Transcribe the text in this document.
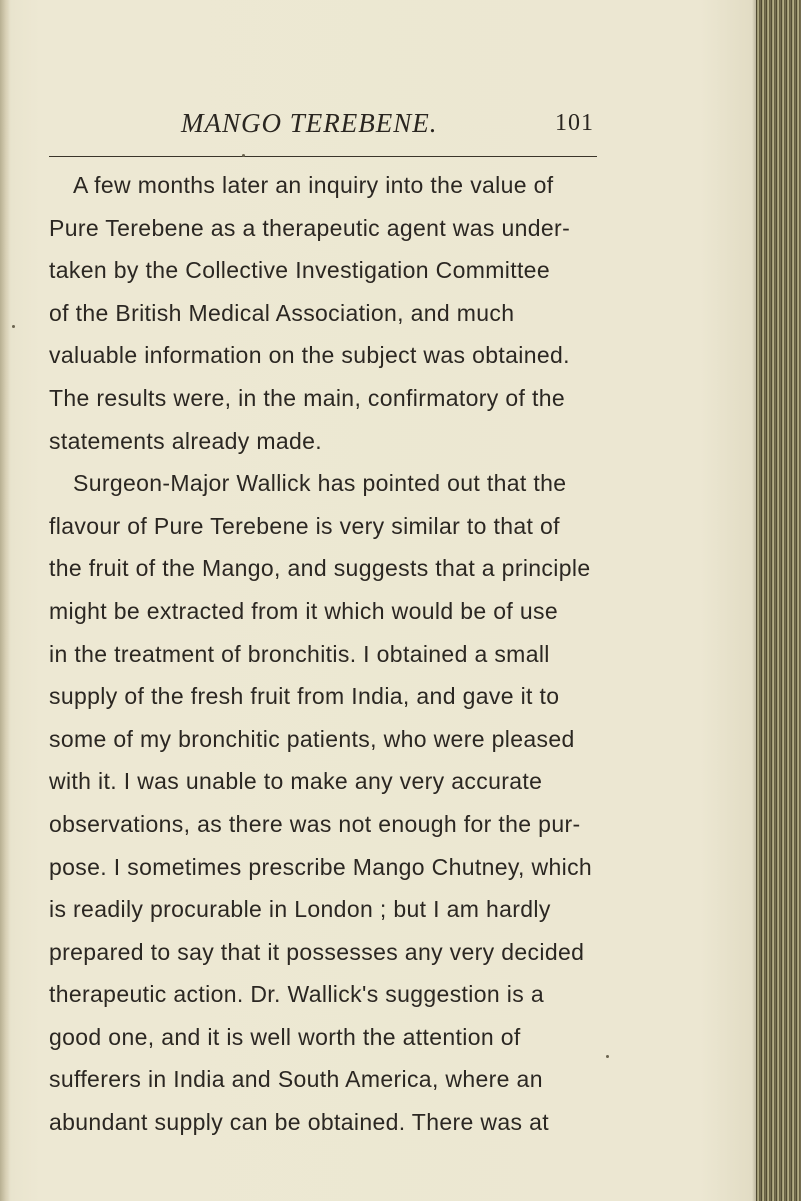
MANGO TEREBENE.	101
A few months later an inquiry into the value of
Pure Terebene as a therapeutic agent was under-
taken by the Collective Investigation Committee
of the British Medical Association, and much
valuable information on the subject was obtained.
The results were, in the main, confirmatory of the
statements already made.
Surgeon-Major Wallick has pointed out that the
flavour of Pure Terebene is very similar to that of
the fruit of the Mango, and suggests that a principle
might be extracted from it which would be of use
in the treatment of bronchitis. I obtained a small
supply of the fresh fruit from India, and gave it to
some of my bronchitic patients, who were pleased
with it. I was unable to make any very accurate
observations, as there was not enough for the pur-
pose. I sometimes prescribe Mango Chutney, which
is readily procurable in London ; but I am hardly
prepared to say that it possesses any very decided
therapeutic action. Dr. Wallick's suggestion is a
good one, and it is well worth the attention of
sufferers in India and South America, where an
abundant supply can be obtained. There was at
